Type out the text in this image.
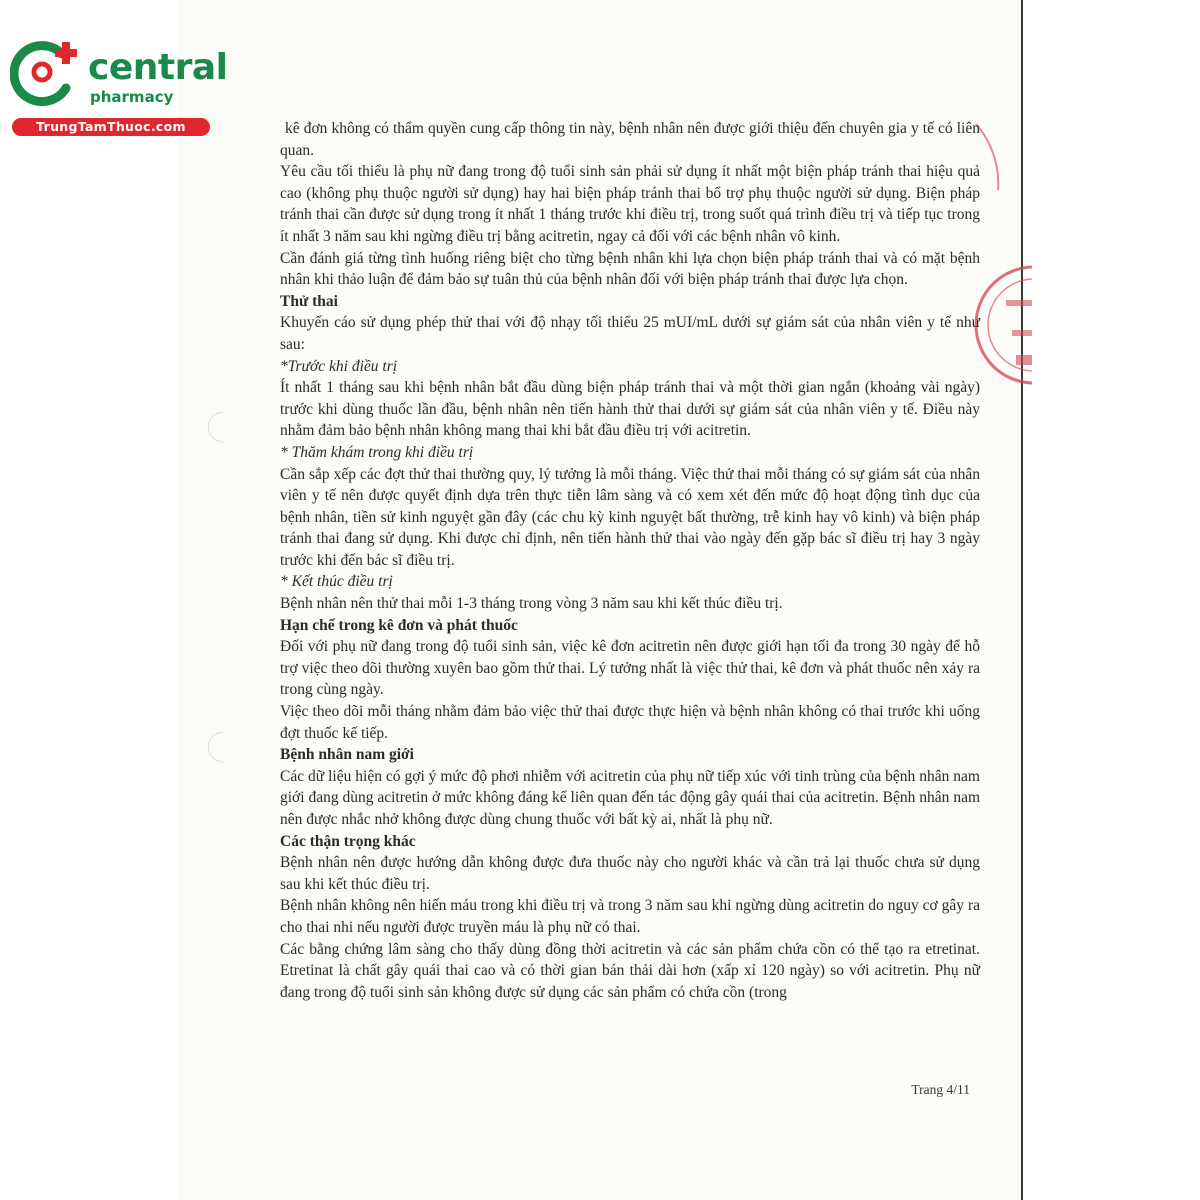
central
pharmacy
TrungTamThuoc.com	kê đơn không có thẩm quyền cung cấp thông tin này, bệnh nhân nên được giới thiệu đến chuyên gia y tế có liên quan.

Yêu cầu tối thiểu là phụ nữ đang trong độ tuổi sinh sản phải sử dụng ít nhất một biện pháp tránh thai hiệu quả cao (không phụ thuộc người sử dụng) hay hai biện pháp tránh thai bổ trợ phụ thuộc người sử dụng. Biện pháp tránh thai cần được sử dụng trong ít nhất 1 tháng trước khi điều trị, trong suốt quá trình điều trị và tiếp tục trong ít nhất 3 năm sau khi ngừng điều trị bằng acitretin, ngay cả đối với các bệnh nhân vô kinh.

Cần đánh giá từng tình huống riêng biệt cho từng bệnh nhân khi lựa chọn biện pháp tránh thai và có mặt bệnh nhân khi thảo luận để đảm bảo sự tuân thủ của bệnh nhân đối với biện pháp tránh thai được lựa chọn.

Thử thai

Khuyến cáo sử dụng phép thử thai với độ nhạy tối thiểu 25 mUI/mL dưới sự giám sát của nhân viên y tế như sau:

*Trước khi điều trị

Ít nhất 1 tháng sau khi bệnh nhân bắt đầu dùng biện pháp tránh thai và một thời gian ngắn (khoảng vài ngày) trước khi dùng thuốc lần đầu, bệnh nhân nên tiến hành thử thai dưới sự giám sát của nhân viên y tế. Điều này nhằm đảm bảo bệnh nhân không mang thai khi bắt đầu điều trị với acitretin.

* Thăm khám trong khi điều trị

Cần sắp xếp các đợt thử thai thường quy, lý tưởng là mỗi tháng. Việc thử thai mỗi tháng có sự giám sát của nhân viên y tế nên được quyết định dựa trên thực tiễn lâm sàng và có xem xét đến mức độ hoạt động tình dục của bệnh nhân, tiền sử kinh nguyệt gần đây (các chu kỳ kinh nguyệt bất thường, trễ kinh hay vô kinh) và biện pháp tránh thai đang sử dụng. Khi được chỉ định, nên tiến hành thử thai vào ngày đến gặp bác sĩ điều trị hay 3 ngày trước khi đến bác sĩ điều trị.

* Kết thúc điều trị

Bệnh nhân nên thử thai mỗi 1-3 tháng trong vòng 3 năm sau khi kết thúc điều trị.

Hạn chế trong kê đơn và phát thuốc

Đối với phụ nữ đang trong độ tuổi sinh sản, việc kê đơn acitretin nên được giới hạn tối đa trong 30 ngày để hỗ trợ việc theo dõi thường xuyên bao gồm thử thai. Lý tưởng nhất là việc thử thai, kê đơn và phát thuốc nên xảy ra trong cùng ngày.

Việc theo dõi mỗi tháng nhằm đảm bảo việc thử thai được thực hiện và bệnh nhân không có thai trước khi uống đợt thuốc kế tiếp.

Bệnh nhân nam giới

Các dữ liệu hiện có gợi ý mức độ phơi nhiễm với acitretin của phụ nữ tiếp xúc với tinh trùng của bệnh nhân nam giới đang dùng acitretin ở mức không đáng kể liên quan đến tác động gây quái thai của acitretin. Bệnh nhân nam nên được nhắc nhở không được dùng chung thuốc với bất kỳ ai, nhất là phụ nữ.

Các thận trọng khác

Bệnh nhân nên được hướng dẫn không được đưa thuốc này cho người khác và cần trả lại thuốc chưa sử dụng sau khi kết thúc điều trị.

Bệnh nhân không nên hiến máu trong khi điều trị và trong 3 năm sau khi ngừng dùng acitretin do nguy cơ gây ra cho thai nhi nếu người được truyền máu là phụ nữ có thai.

Các bằng chứng lâm sàng cho thấy dùng đồng thời acitretin và các sản phẩm chứa cồn có thể tạo ra etretinat. Etretinat là chất gây quái thai cao và có thời gian bán thải dài hơn (xấp xỉ 120 ngày) so với acitretin. Phụ nữ đang trong độ tuổi sinh sản không được sử dụng các sản phẩm có chứa cồn (trong

Trang 4/11
